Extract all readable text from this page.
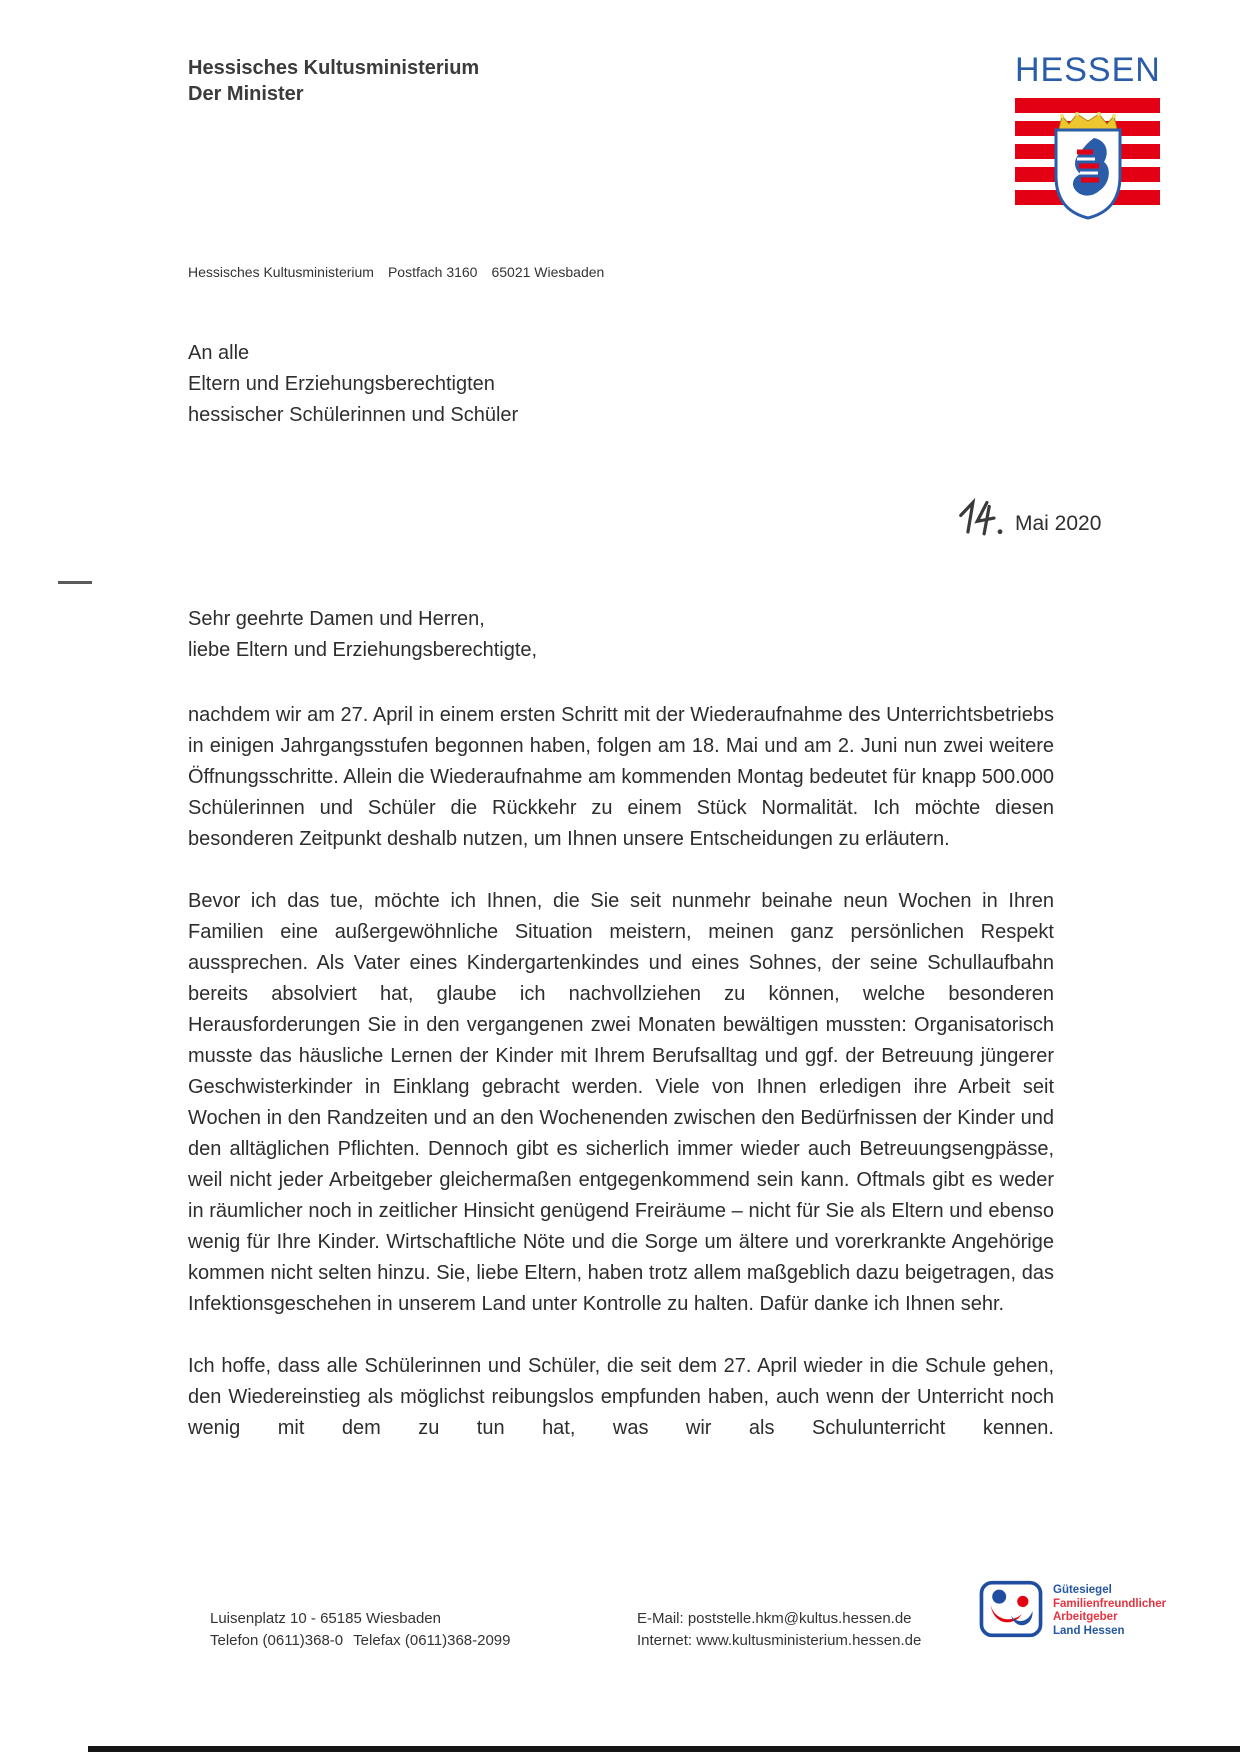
Hessisches Kultusministerium
Der Minister
HESSEN
Hessisches Kultusministerium Postfach 3160 65021 Wiesbaden
An alle
Eltern und Erziehungsberechtigten
hessischer Schülerinnen und Schüler
Mai 2020
Sehr geehrte Damen und Herren,
liebe Eltern und Erziehungsberechtigte,

nachdem wir am 27. April in einem ersten Schritt mit der Wiederaufnahme des Unterrichtsbetriebs in einigen Jahrgangsstufen begonnen haben, folgen am 18. Mai und am 2. Juni nun zwei weitere Öffnungsschritte. Allein die Wiederaufnahme am kommenden Montag bedeutet für knapp 500.000 Schülerinnen und Schüler die Rückkehr zu einem Stück Normalität. Ich möchte diesen besonderen Zeitpunkt deshalb nutzen, um Ihnen unsere Entscheidungen zu erläutern.

Bevor ich das tue, möchte ich Ihnen, die Sie seit nunmehr beinahe neun Wochen in Ihren Familien eine außergewöhnliche Situation meistern, meinen ganz persönlichen Respekt aussprechen. Als Vater eines Kindergartenkindes und eines Sohnes, der seine Schullaufbahn bereits absolviert hat, glaube ich nachvollziehen zu können, welche besonderen Herausforderungen Sie in den vergangenen zwei Monaten bewältigen mussten: Organisatorisch musste das häusliche Lernen der Kinder mit Ihrem Berufsalltag und ggf. der Betreuung jüngerer Geschwisterkinder in Einklang gebracht werden. Viele von Ihnen erledigen ihre Arbeit seit Wochen in den Randzeiten und an den Wochenenden zwischen den Bedürfnissen der Kinder und den alltäglichen Pflichten. Dennoch gibt es sicherlich immer wieder auch Betreuungsengpässe, weil nicht jeder Arbeitgeber gleichermaßen entgegenkommend sein kann. Oftmals gibt es weder in räumlicher noch in zeitlicher Hinsicht genügend Freiräume – nicht für Sie als Eltern und ebenso wenig für Ihre Kinder. Wirtschaftliche Nöte und die Sorge um ältere und vorerkrankte Angehörige kommen nicht selten hinzu. Sie, liebe Eltern, haben trotz allem maßgeblich dazu beigetragen, das Infektionsgeschehen in unserem Land unter Kontrolle zu halten. Dafür danke ich Ihnen sehr.

Ich hoffe, dass alle Schülerinnen und Schüler, die seit dem 27. April wieder in die Schule gehen, den Wiedereinstieg als möglichst reibungslos empfunden haben, auch wenn der Unterricht noch wenig mit dem zu tun hat, was wir als Schulunterricht kennen.

Luisenplatz 10 - 65185 Wiesbaden
Telefon (0611)368-0 Telefax (0611)368-2099
E-Mail: poststelle.hkm@kultus.hessen.de
Internet: www.kultusministerium.hessen.de
Gütesiegel
Familienfreundlicher
Arbeitgeber
Land Hessen
